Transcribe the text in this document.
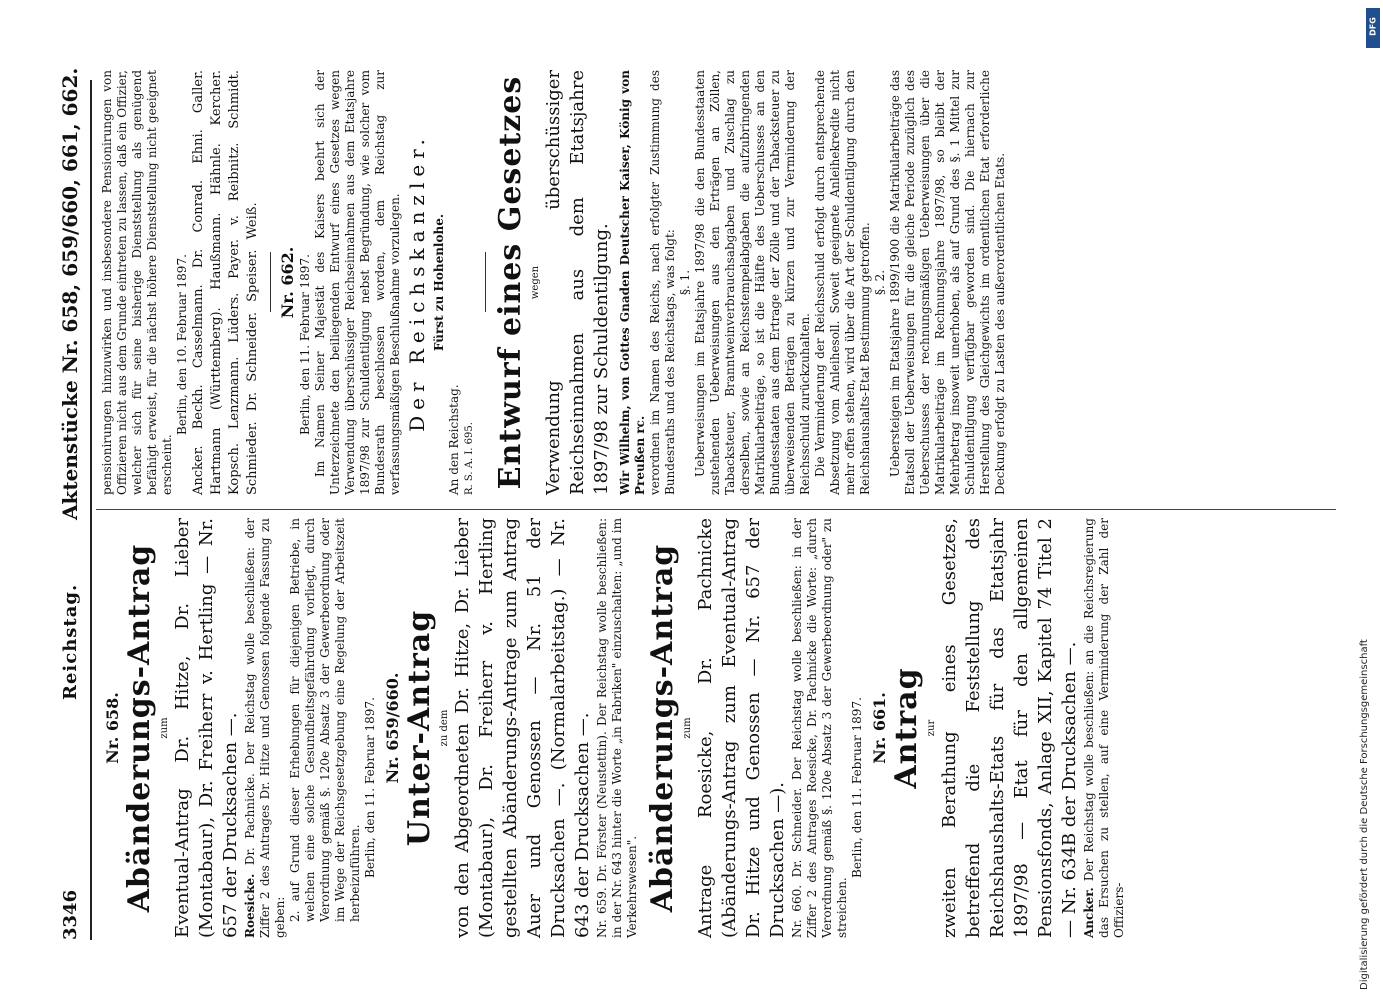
3346
Reichstag.
Aktenstücke Nr. 658, 659/660, 661, 662.
Nr. 658. Abänderungs-Antrag zum Eventual-Antrag Dr. Hitze, Dr. Lieber (Montabaur), Dr. Freiherr v. Hertling — Nr. 657 der Drucksachen —. Roesicke. Dr. Pachnicke. Der Reichstag wolle beschließen: der Ziffer 2 des Antrages Dr. Hitze und Genossen folgende Fassung zu geben: 2. auf Grund dieser Erhebungen für diejenigen Betriebe, in welchen eine solche Gesundheitsgefährdung vorliegt, durch Verordnung gemäß §. 120e Absatz 3 der Gewerbeordnung oder im Wege der Reichsgesetzgebung eine Regelung der Arbeitszeit herbeizuführen. Berlin, den 11. Februar 1897. Nr. 659/660. Unter-Antrag zu dem von den Abgeordneten Dr. Hitze, Dr. Lieber (Montabaur), Dr. Freiherr v. Hertling gestellten Abänderungs-Antrage zum Antrag Auer und Genossen — Nr. 51 der Drucksachen —. (Normalarbeitstag.) — Nr. 643 der Drucksachen —. Nr. 659. Dr. Förster (Neustettin). Der Reichstag wolle beschließen: in der Nr. 643 hinter die Worte „in Fabriken" einzuschalten: „und im Verkehrswesen". Abänderungs-Antrag zum Antrage Roesicke, Dr. Pachnicke (Abänderungs-Antrag zum Eventual-Antrag Dr. Hitze und Genossen — Nr. 657 der Drucksachen —). Nr. 660. Dr. Schneider. Der Reichstag wolle beschließen: in der Ziffer 2 des Antrages Roesicke, Dr. Pachnicke die Worte: „durch Verordnung gemäß §. 120e Absatz 3 der Gewerbeordnung oder" zu streichen.
Berlin, den 11. Februar 1897. Nr. 661. Antrag zur zweiten Berathung eines Gesetzes, betreffend die Feststellung des Reichshaushalts-Etats für das Etatsjahr 1897/98 — Etat für den allgemeinen Pensionsfonds, Anlage XII, Kapitel 74 Titel 2 — Nr. 634B der Drucksachen —. Ancker. Der Reichstag wolle beschließen: an die Reichsregierung das Ersuchen zu stellen, auf eine Verminderung der Zahl der Offiziers-
pensionirungen hinzuwirken und insbesondere Pensionirungen von Offizieren nicht aus dem Grunde eintreten zu lassen, daß ein Offizier, welcher sich für seine bisherige Dienststellung als genügend befähigt erweist, für die nächst höhere Dienststellung nicht geeignet erscheint.
Berlin, den 10. Februar 1897. Ancker. Beckh. Casselmann. Dr. Conrad. Ehni. Galler. Hartmann (Württemberg). Haußmann. Hähnle. Kercher. Kopsch. Lenzmann. Lüders. Payer. v. Reibnitz. Schmidt. Schmieder. Dr. Schneider. Speiser. Weiß. Nr. 662. Berlin, den 11. Februar 1897. Im Namen Seiner Majestät des Kaisers beehrt sich der Unterzeichnete den beiliegenden Entwurf eines Gesetzes wegen Verwendung überschüssiger Reichseinnahmen aus dem Etatsjahre 1897/98 zur Schuldentilgung nebst Begründung, wie solcher vom Bundesrath beschlossen worden, dem Reichstag zur verfassungsmäßigen Beschlußnahme vorzulegen. Der Reichskanzler. Fürst zu Hohenlohe.
An den Reichstag. R. S. A. I. 695. Entwurf eines Gesetzes wegen Verwendung überschüssiger Reichseinnahmen aus dem Etatsjahre 1897/98 zur Schuldentilgung. Wir Wilhelm, von Gottes Gnaden Deutscher Kaiser, König von Preußen rc. verordnen im Namen des Reichs, nach erfolgter Zustimmung des Bundesraths und des Reichstags, was folgt: §. 1. Ueberweisungen im Etatsjahre 1897/98 die den Bundesstaaten zustehenden Ueberweisungen aus den Erträgen an Zöllen, Tabacksteuer, Branntweinverbrauchsabgaben und Zuschlag zu derselben, sowie an Reichsstempelabgaben die aufzubringenden Matrikularbeiträge, so ist die Hälfte des Ueberschusses an den Bundesstaaten aus dem Ertrage der Zölle und der Tabacksteuer zu überweisenden Beträgen zu kürzen und zur Verminderung der Reichsschuld zurückzuhalten. Die Verminderung der Reichsschuld erfolgt durch entsprechende Absetzung vom Anleihesoll. Soweit geeignete Anleihekredite nicht mehr offen stehen, wird über die Art der Schuldentilgung durch den Reichshaushalts-Etat Bestimmung getroffen. §. 2. Uebersteigen im Etatsjahre 1899/1900 die Matrikularbeiträge das Etatsoll der Ueberweisungen für die gleiche Periode zuzüglich des Ueberschusses der rechnungsmäßigen Ueberweisungen über die Matrikularbeiträge im Rechnungsjahre 1897/98, so bleibt der Mehrbetrag insoweit unerhoben, als auf Grund des §. 1 Mittel zur Schuldentilgung verfügbar geworden sind. Die hiernach zur Herstellung des Gleichgewichts im ordentlichen Etat erforderliche Deckung erfolgt zu Lasten des außerordentlichen Etats.
Digitalisierung gefördert durch die Deutsche Forschungsgemeinschaft
DFG
